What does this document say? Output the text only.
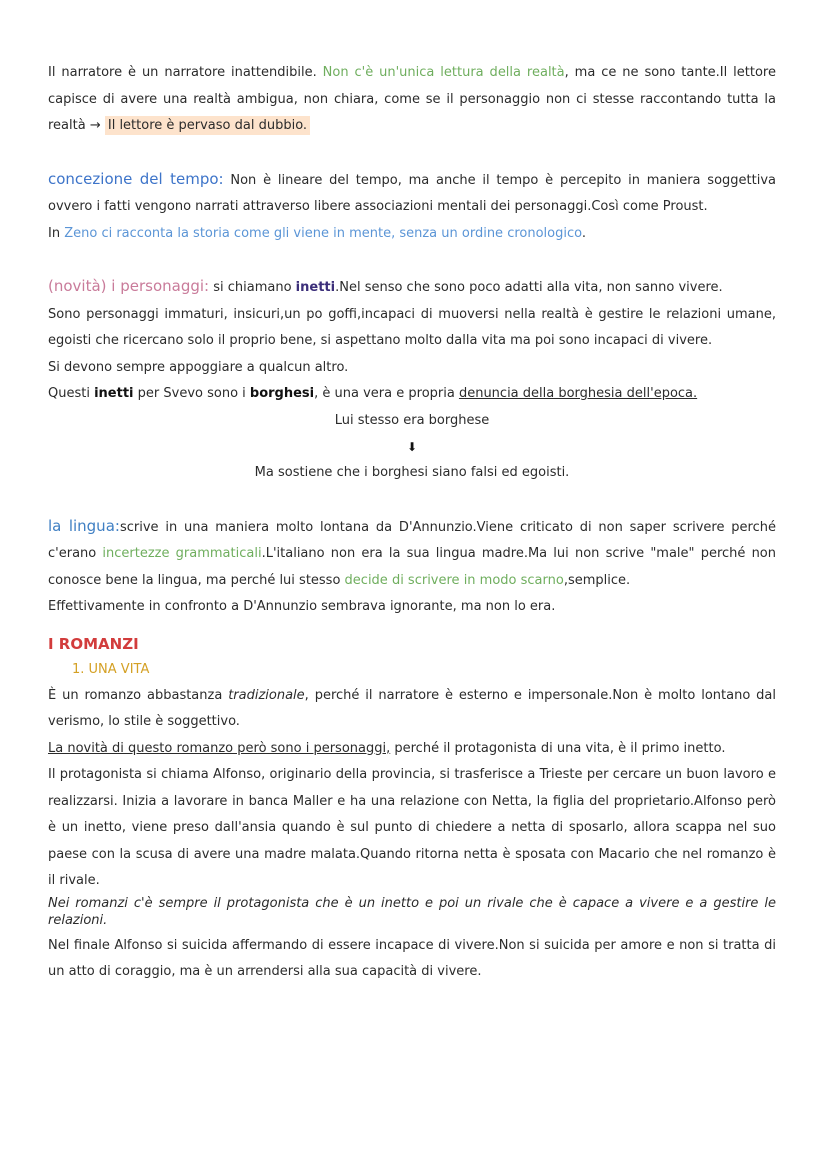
Il narratore è un narratore inattendibile. Non c'è un'unica lettura della realtà, ma ce ne sono tante.Il lettore capisce di avere una realtà ambigua, non chiara, come se il personaggio non ci stesse raccontando tutta la realtà → Il lettore è pervaso dal dubbio.

concezione del tempo: Non è lineare del tempo, ma anche il tempo è percepito in maniera soggettiva ovvero i fatti vengono narrati attraverso libere associazioni mentali dei personaggi.Così come Proust.

In Zeno ci racconta la storia come gli viene in mente, senza un ordine cronologico.

(novità) i personaggi: si chiamano inetti.Nel senso che sono poco adatti alla vita, non sanno vivere.

Sono personaggi immaturi, insicuri,un po goffi,incapaci di muoversi nella realtà è gestire le relazioni umane, egoisti che ricercano solo il proprio bene, si aspettano molto dalla vita ma poi sono incapaci di vivere.

Si devono sempre appoggiare a qualcun altro.

Questi inetti per Svevo sono i borghesi, è una vera e propria denuncia della borghesia dell'epoca.

Lui stesso era borghese

⬇

Ma sostiene che i borghesi siano falsi ed egoisti.

la lingua:scrive in una maniera molto lontana da D'Annunzio.Viene criticato di non saper scrivere perché c'erano incertezze grammaticali.L'italiano non era la sua lingua madre.Ma lui non scrive "male" perché non conosce bene la lingua, ma perché lui stesso decide di scrivere in modo scarno,semplice.

Effettivamente in confronto a D'Annunzio sembrava ignorante, ma non lo era.

I ROMANZI
1. UNA VITA

È un romanzo abbastanza tradizionale, perché il narratore è esterno e impersonale.Non è molto lontano dal verismo, lo stile è soggettivo.

La novità di questo romanzo però sono i personaggi, perché il protagonista di una vita, è il primo inetto.

Il protagonista si chiama Alfonso, originario della provincia, si trasferisce a Trieste per cercare un buon lavoro e realizzarsi. Inizia a lavorare in banca Maller e ha una relazione con Netta, la figlia del proprietario.Alfonso però è un inetto, viene preso dall'ansia quando è sul punto di chiedere a netta di sposarlo, allora scappa nel suo paese con la scusa di avere una madre malata.Quando ritorna netta è sposata con Macario che nel romanzo è il rivale.

Nei romanzi c'è sempre il protagonista che è un inetto e poi un rivale che è capace a vivere e a gestire le relazioni.

Nel finale Alfonso si suicida affermando di essere incapace di vivere.Non si suicida per amore e non si tratta di un atto di coraggio, ma è un arrendersi alla sua capacità di vivere.
